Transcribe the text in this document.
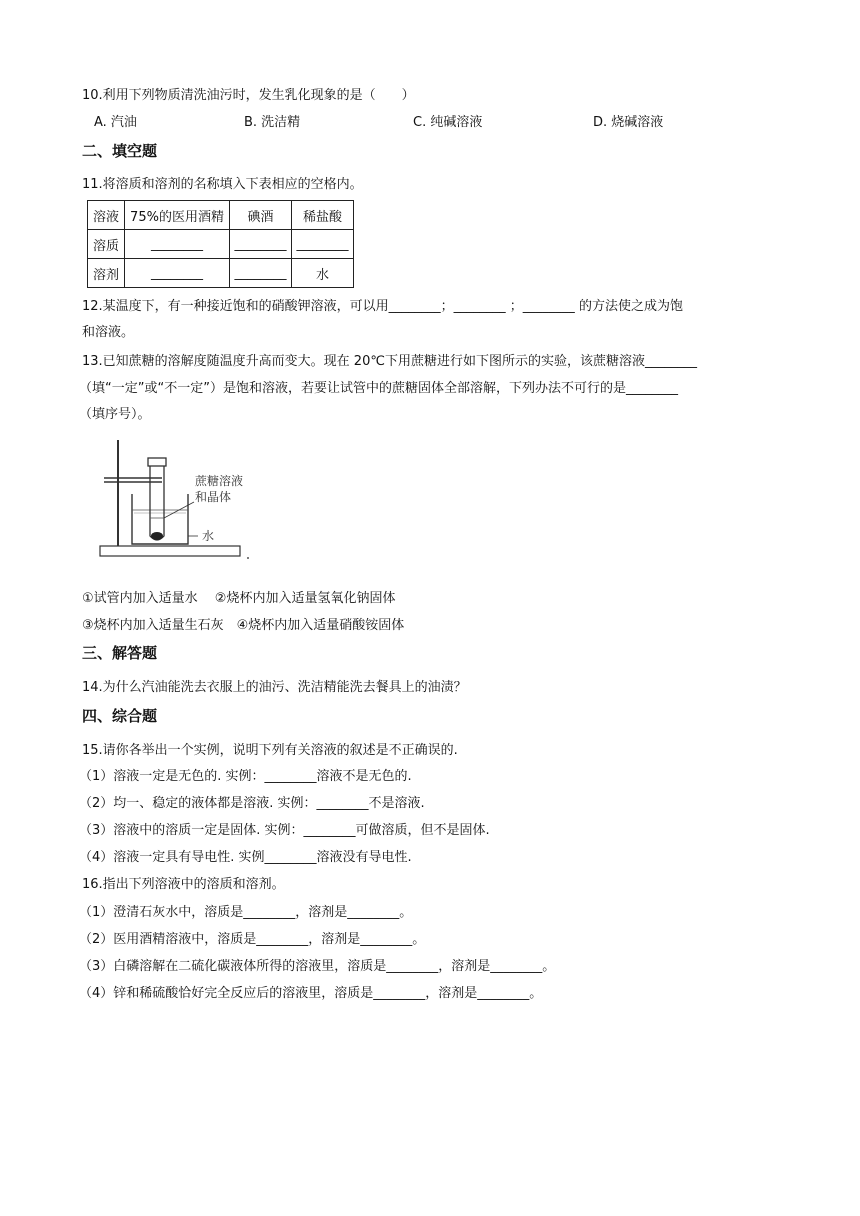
10.利用下列物质清洗油污时，发生乳化现象的是（　　）
A. 汽油	B. 洗洁精	C. 纯碱溶液	D. 烧碱溶液
二、填空题
11.将溶质和溶剂的名称填入下表相应的空格内。
溶液	75%的医用酒精	碘酒	稀盐酸
溶质	________	________	________
溶剂	________	________	水
12.某温度下，有一种接近饱和的硝酸钾溶液，可以用________；________ ；________ 的方法使之成为饱
和溶液。
13.已知蔗糖的溶解度随温度升高而变大。现在 20℃下用蔗糖进行如下图所示的实验，该蔗糖溶液________
（填“一定”或“不一定”）是饱和溶液，若要让试管中的蔗糖固体全部溶解，下列办法不可行的是________
（填序号）。
蔗糖溶液
和晶体
水
①试管内加入适量水　 ②烧杯内加入适量氢氧化钠固体
③烧杯内加入适量生石灰　④烧杯内加入适量硝酸铵固体
三、解答题
14.为什么汽油能洗去衣服上的油污、洗洁精能洗去餐具上的油渍？
四、综合题
15.请你各举出一个实例，说明下列有关溶液的叙述是不正确误的.
（1）溶液一定是无色的. 实例：________溶液不是无色的.
（2）均一、稳定的液体都是溶液. 实例：________不是溶液.
（3）溶液中的溶质一定是固体. 实例：________可做溶质，但不是固体.
（4）溶液一定具有导电性. 实例________溶液没有导电性.
16.指出下列溶液中的溶质和溶剂。
（1）澄清石灰水中，溶质是________，溶剂是________。
（2）医用酒精溶液中，溶质是________，溶剂是________。
（3）白磷溶解在二硫化碳液体所得的溶液里，溶质是________，溶剂是________。
（4）锌和稀硫酸恰好完全反应后的溶液里，溶质是________，溶剂是________。
